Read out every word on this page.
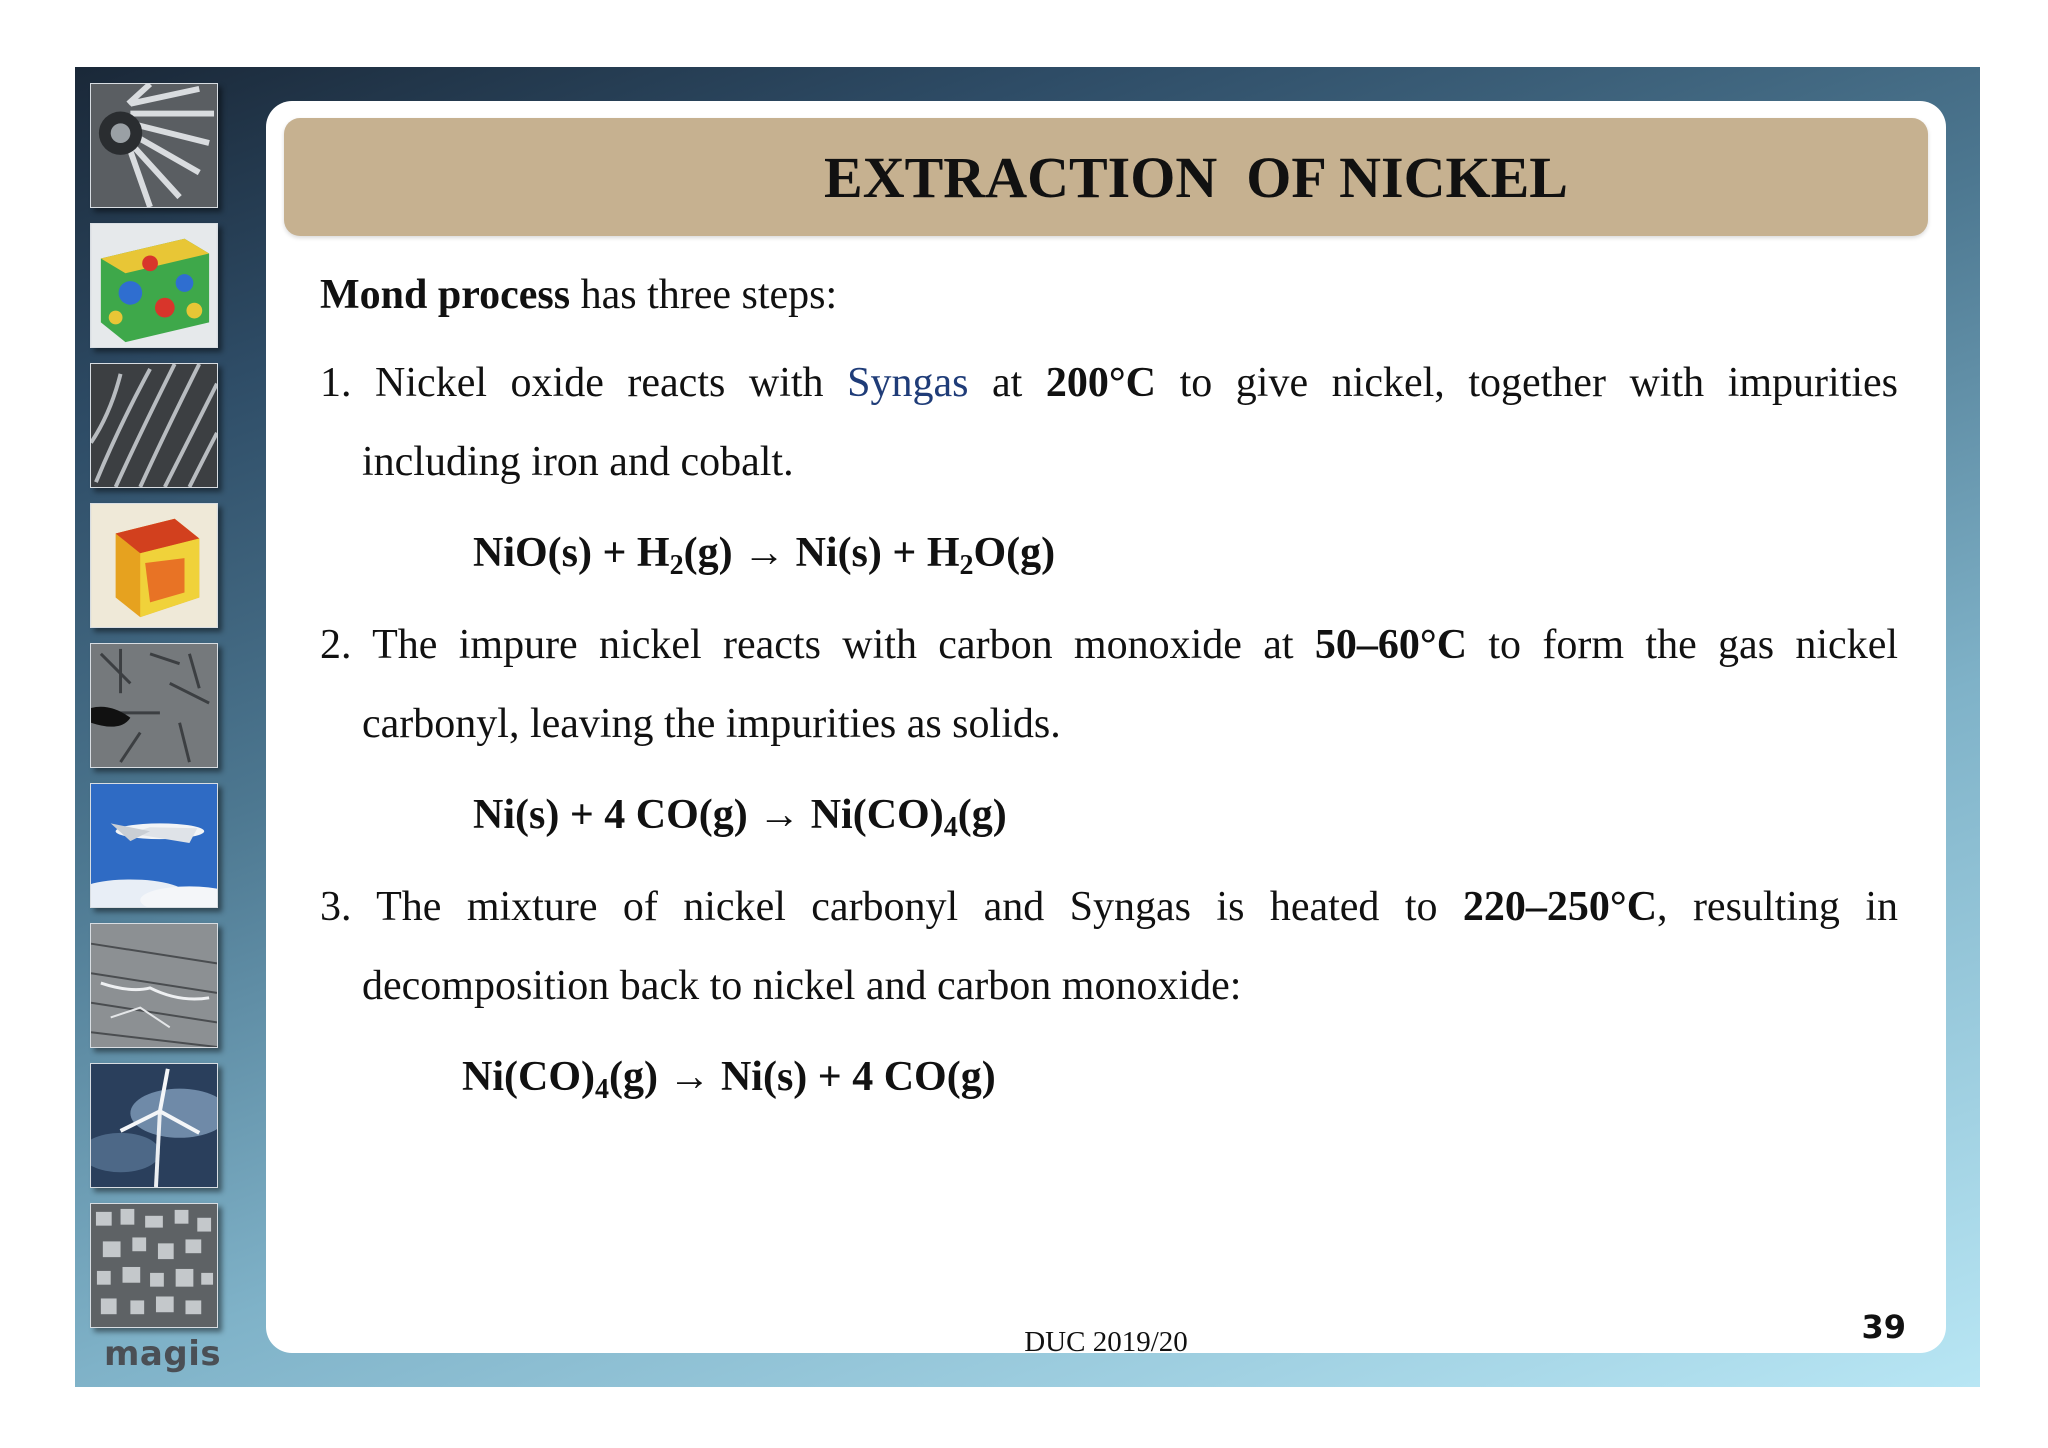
magis
EXTRACTION  OF NICKEL
Mond process has three steps:
1. Nickel oxide reacts with Syngas at 200°C to give nickel, together with impurities
including iron and cobalt.
$NiO(s) + H_2(g) \to Ni(s) + H_2O(g)$
2. The impure nickel reacts with carbon monoxide at 50–60°C to form the gas nickel
carbonyl, leaving the impurities as solids.
Ni(s) + 4 $CO(g) \to Ni(CO)_4(g)$
3. The mixture of nickel carbonyl and Syngas is heated to 220–250°C, resulting in
decomposition back to nickel and carbon monoxide:
$Ni(CO)_4(g) \to Ni(s) + 4$ CO(g)
DUC 2019/20	39
